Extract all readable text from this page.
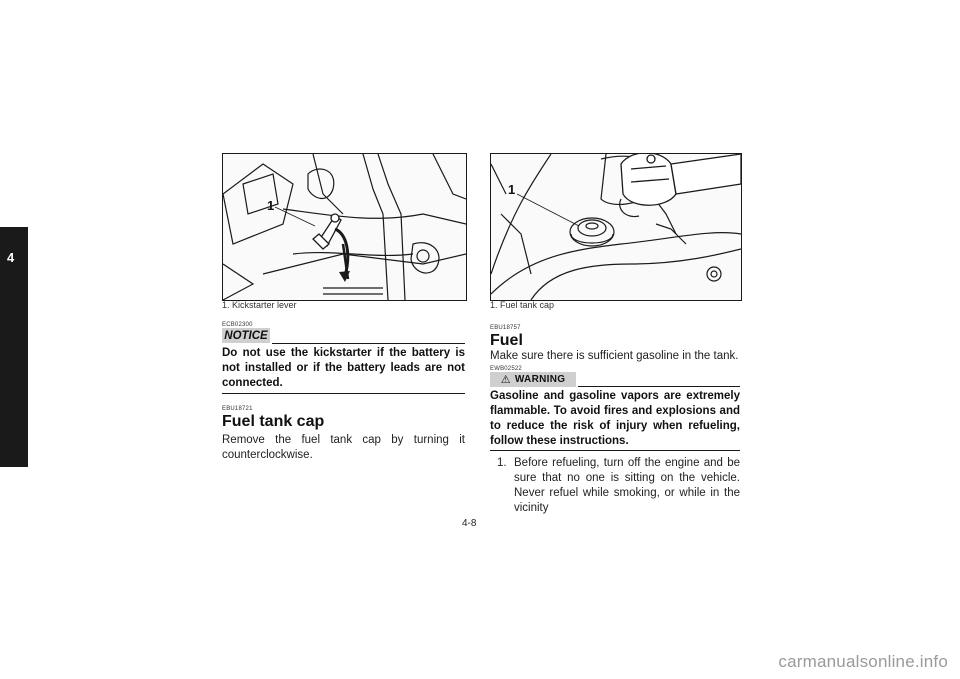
4
1
1. Kickstarter lever
1
1. Fuel tank cap
ECB02300
NOTICE
Do not use the kickstarter if the battery is not installed or if the battery leads are not connected.
EBU18721
Fuel tank cap
Remove the fuel tank cap by turning it counterclockwise.
EBU18757
Fuel
Make sure there is sufficient gasoline in the tank.
EWB02522
⚠ WARNING
Gasoline and gasoline vapors are extremely flammable. To avoid fires and explosions and to reduce the risk of injury when refueling, follow these instructions.
1. Before refueling, turn off the engine and be sure that no one is sitting on the vehicle. Never refuel while smoking, or while in the vicinity
4-8
carmanualsonline.info
